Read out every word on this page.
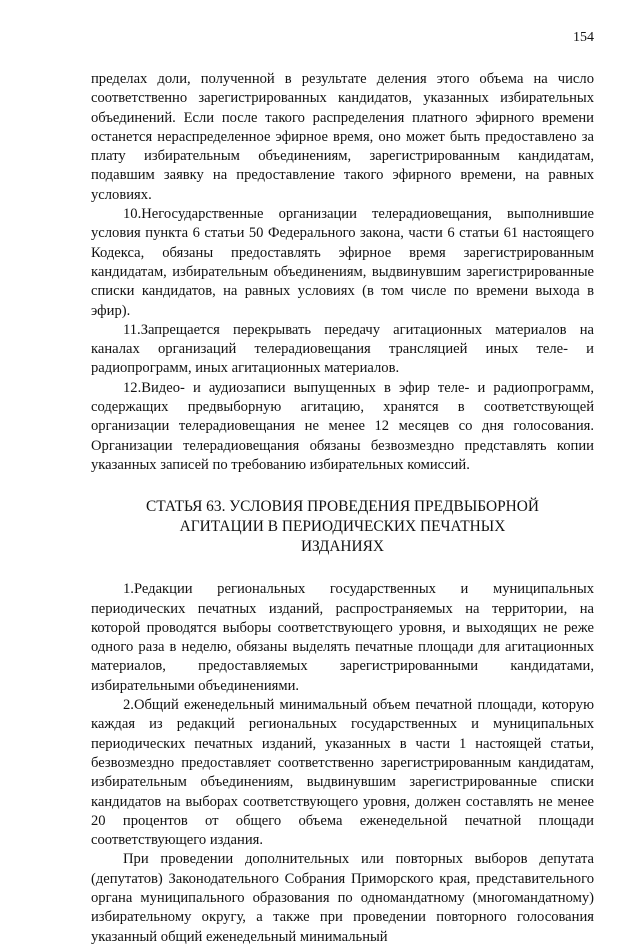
154

пределах доли, полученной в результате деления этого объема на число соответственно зарегистрированных кандидатов, указанных избирательных объединений. Если после такого распределения платного эфирного времени останется нераспределенное эфирное время, оно может быть предоставлено за плату избирательным объединениям, зарегистрированным кандидатам, подавшим заявку на предоставление такого эфирного времени, на равных условиях.

10.Негосударственные организации телерадиовещания, выполнившие условия пункта 6 статьи 50 Федерального закона, части 6 статьи 61 настоящего Кодекса, обязаны предоставлять эфирное время зарегистрированным кандидатам, избирательным объединениям, выдвинувшим зарегистрированные списки кандидатов, на равных условиях (в том числе по времени выхода в эфир).

11.Запрещается перекрывать передачу агитационных материалов на каналах организаций телерадиовещания трансляцией иных теле- и радиопрограмм, иных агитационных материалов.

12.Видео- и аудиозаписи выпущенных в эфир теле- и радиопрограмм, содержащих предвыборную агитацию, хранятся в соответствующей организации телерадиовещания не менее 12 месяцев со дня голосования. Организации телерадиовещания обязаны безвозмездно представлять копии указанных записей по требованию избирательных комиссий.

СТАТЬЯ 63. УСЛОВИЯ ПРОВЕДЕНИЯ ПРЕДВЫБОРНОЙ
АГИТАЦИИ В ПЕРИОДИЧЕСКИХ ПЕЧАТНЫХ
ИЗДАНИЯХ

1.Редакции региональных государственных и муниципальных периодических печатных изданий, распространяемых на территории, на которой проводятся выборы соответствующего уровня, и выходящих не реже одного раза в неделю, обязаны выделять печатные площади для агитационных материалов, предоставляемых зарегистрированными кандидатами, избирательными объединениями.

2.Общий еженедельный минимальный объем печатной площади, которую каждая из редакций региональных государственных и муниципальных периодических печатных изданий, указанных в части 1 настоящей статьи, безвозмездно предоставляет соответственно зарегистрированным кандидатам, избирательным объединениям, выдвинувшим зарегистрированные списки кандидатов на выборах соответствующего уровня, должен составлять не менее 20 процентов от общего объема еженедельной печатной площади соответствующего издания.

При проведении дополнительных или повторных выборов депутата (депутатов) Законодательного Собрания Приморского края, представительного органа муниципального образования по одномандатному (многомандатному) избирательному округу, а также при проведении повторного голосования указанный общий еженедельный минимальный
